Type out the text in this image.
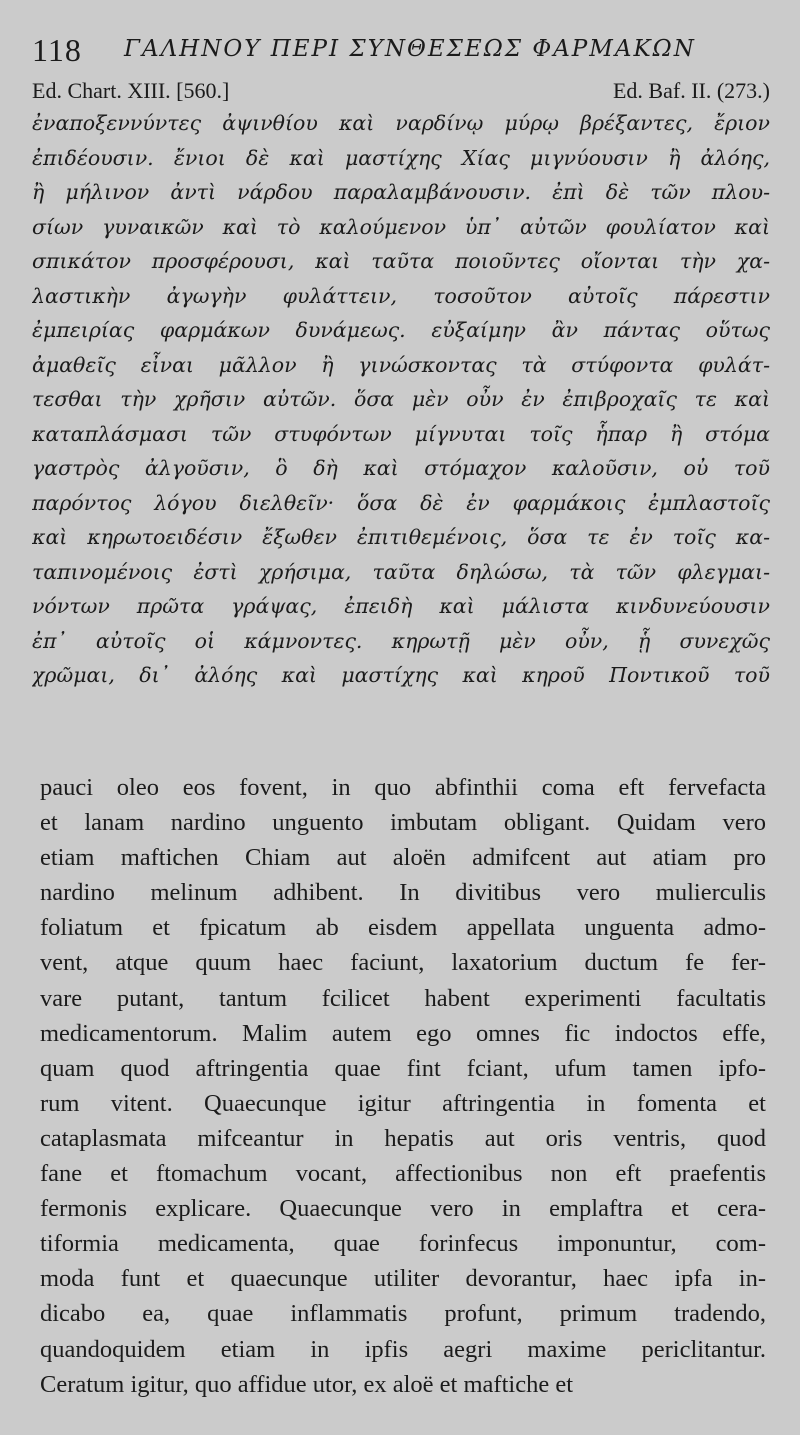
118 ΓΑΛΗΝΟΥ ΠΕΡΙ ΣΥΝΘΕΣΕΩΣ ΦΑΡΜΑΚΩΝ
Ed. Chart. XIII. [560.]	Ed. Baf. II. (273.)
ἐναποξεννύντες ἀψινθίου καὶ ναρδίνῳ μύρῳ βρέξαντες, ἔριον
ἐπιδέουσιν. ἔνιοι δὲ καὶ μαστίχης Χίας μιγνύουσιν ἢ ἀλόης,
ἢ μήλινον ἀντὶ νάρδου παραλαμβάνουσιν. ἐπὶ δὲ τῶν πλου-
σίων γυναικῶν καὶ τὸ καλούμενον ὑπ᾽ αὐτῶν φουλίατον καὶ
σπικάτον προσφέρουσι, καὶ ταῦτα ποιοῦντες οἴονται τὴν χα-
λαστικὴν ἀγωγὴν φυλάττειν, τοσοῦτον αὐτοῖς πάρεστιν
ἐμπειρίας φαρμάκων δυνάμεως. εὐξαίμην ἂν πάντας οὕτως
ἀμαθεῖς εἶναι μᾶλλον ἢ γινώσκοντας τὰ στύφοντα φυλάτ-
τεσθαι τὴν χρῆσιν αὐτῶν. ὅσα μὲν οὖν ἐν ἐπιβροχαῖς τε καὶ
καταπλάσμασι τῶν στυφόντων μίγνυται τοῖς ἧπαρ ἢ στόμα
γαστρὸς ἀλγοῦσιν, ὃ δὴ καὶ στόμαχον καλοῦσιν, οὐ τοῦ
παρόντος λόγου διελθεῖν· ὅσα δὲ ἐν φαρμάκοις ἐμπλαστοῖς
καὶ κηρωτοειδέσιν ἔξωθεν ἐπιτιθεμένοις, ὅσα τε ἐν τοῖς κα-
ταπινομένοις ἐστὶ χρήσιμα, ταῦτα δηλώσω, τὰ τῶν φλεγμαι-
νόντων πρῶτα γράψας, ἐπειδὴ καὶ μάλιστα κινδυνεύουσιν
ἐπ᾽ αὐτοῖς οἱ κάμνοντες. κηρωτῇ μὲν οὖν, ᾗ συνεχῶς
χρῶμαι, δι᾽ ἀλόης καὶ μαστίχης καὶ κηροῦ Ποντικοῦ τοῦ
pauci oleo eos fovent, in quo abfinthii coma eft fervefacta
et lanam nardino unguento imbutam obligant. Quidam vero
etiam maftichen Chiam aut aloën admifcent aut atiam pro
nardino melinum adhibent. In divitibus vero mulierculis
foliatum et fpicatum ab eisdem appellata unguenta admo-
vent, atque quum haec faciunt, laxatorium ductum fe fer-
vare putant, tantum fcilicet habent experimenti facultatis
medicamentorum. Malim autem ego omnes fic indoctos effe,
quam quod aftringentia quae fint fciant, ufum tamen ipfo-
rum vitent. Quaecunque igitur aftringentia in fomenta et
cataplasmata mifceantur in hepatis aut oris ventris, quod
fane et ftomachum vocant, affectionibus non eft praefentis
fermonis explicare. Quaecunque vero in emplaftra et cera-
tiformia medicamenta, quae forinfecus imponuntur, com-
moda funt et quaecunque utiliter devorantur, haec ipfa in-
dicabo ea, quae inflammatis profunt, primum tradendo,
quandoquidem etiam in ipfis aegri maxime periclitantur.
Ceratum igitur, quo affidue utor, ex aloë et maftiche et
